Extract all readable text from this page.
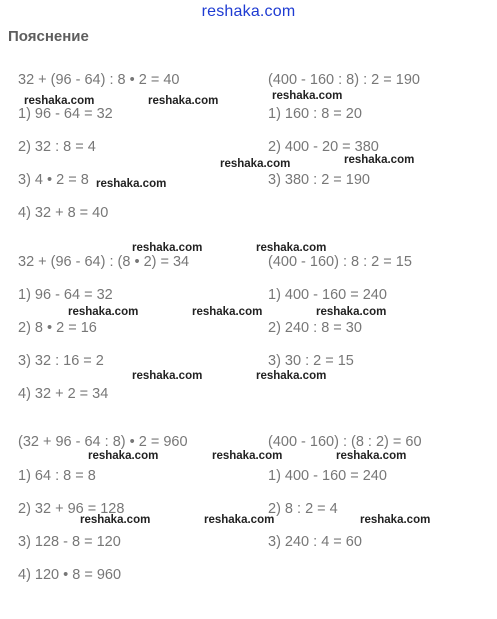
reshaka.com
Пояснение
32 + (96 - 64) : 8 • 2 = 40
1) 96 - 64 = 32
2) 32 : 8 = 4
3) 4 • 2 = 8
4) 32 + 8 = 40
(400 - 160 : 8) : 2 = 190
1) 160 : 8 = 20
2) 400 - 20 = 380
3) 380 : 2 = 190
32 + (96 - 64) : (8 • 2) = 34
1) 96 - 64 = 32
2) 8 • 2 = 16
3) 32 : 16 = 2
4) 32 + 2 = 34
(400 - 160) : 8 : 2 = 15
1) 400 - 160 = 240
2) 240 : 8 = 30
3) 30 : 2 = 15
(32 + 96 - 64 : 8) • 2 = 960
1) 64 : 8 = 8
2) 32 + 96 = 128
3) 128 - 8 = 120
4) 120 • 8 = 960
(400 - 160) : (8 : 2) = 60
1) 400 - 160 = 240
2) 8 : 2 = 4
3) 240 : 4 = 60
reshaka.com	reshaka.com	reshaka.com
reshaka.com	reshaka.com
reshaka.com
reshaka.com	reshaka.com
reshaka.com	reshaka.com	reshaka.com
reshaka.com	reshaka.com
reshaka.com	reshaka.com	reshaka.com
reshaka.com	reshaka.com	reshaka.com
